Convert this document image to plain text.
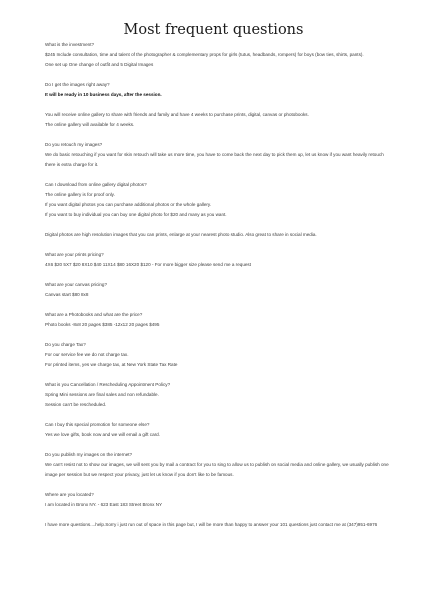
Most frequent questions
What is the investment?
$245 Include consultation, time and talent of the photographer & complementary props for girls (tutus, headbands, rompers) for boys (bow ties, shirts, pants).
One set up One change of outfit and 5 Digital Images
Do I get the images right away?
It will be ready in 10 business days, after the session.
You will receive online gallery to share with friends and family and have 4 weeks to purchase prints, digital, canvas or photobooks.
The online gallery will available for 4 weeks.
Do you retouch my images?
We do basic retouching if you want for skin retouch will take us more time, you have to come back the next day to pick them up, let us know if you want heavily retouch there is extra charge for it.
Can I download from online gallery digital photos?
The online gallery is for proof only.
If you want digital photos you can purchase additional photos or the whole gallery.
If you want to buy individual you can buy one digital photo for $20 and many as you want.
Digital photos are high resolution images that you can prints, enlarge at your nearest photo studio. Also great to share in social media.
What are your prints pricing?
4X6 $20 5X7 $20 8X10 $40 11X14 $80 16X20 $120 - For more bigger size please send me a request
What are your canvas pricing?
Canvas start $80 8x8
What are a Photobooks and what are the price?
Photo books -8x8 20 pages $385 -12x12 20 pages $495
Do you charge Tax?
For our service fee we do not charge tax.
For printed items, yes we charge tax, at New York State Tax Rate
What is you Cancellation / Rescheduling Appointment Policy?
Spring Mini sessions are final sales and non refundable.
Session can't be rescheduled.
Can I buy this special promotion for someone else?
Yes we love gifts, book now and we will email a gift card.
Do you publish my images on the internet?
We can't resist not to show our images, we will sent you by mail a contract for you to sing to allow us to publish on social media and online gallery, we usually publish one image per session but we respect your privacy, just let us know if you don't like to be famous.
Where are you located?
I am located in Bronx NY. - 623 East 183 Street Bronx NY
I have more questions....help.Sorry i just run out of space in this page but, I will be more than happy to answer your 101 questions just contact me at (347)951-6976
